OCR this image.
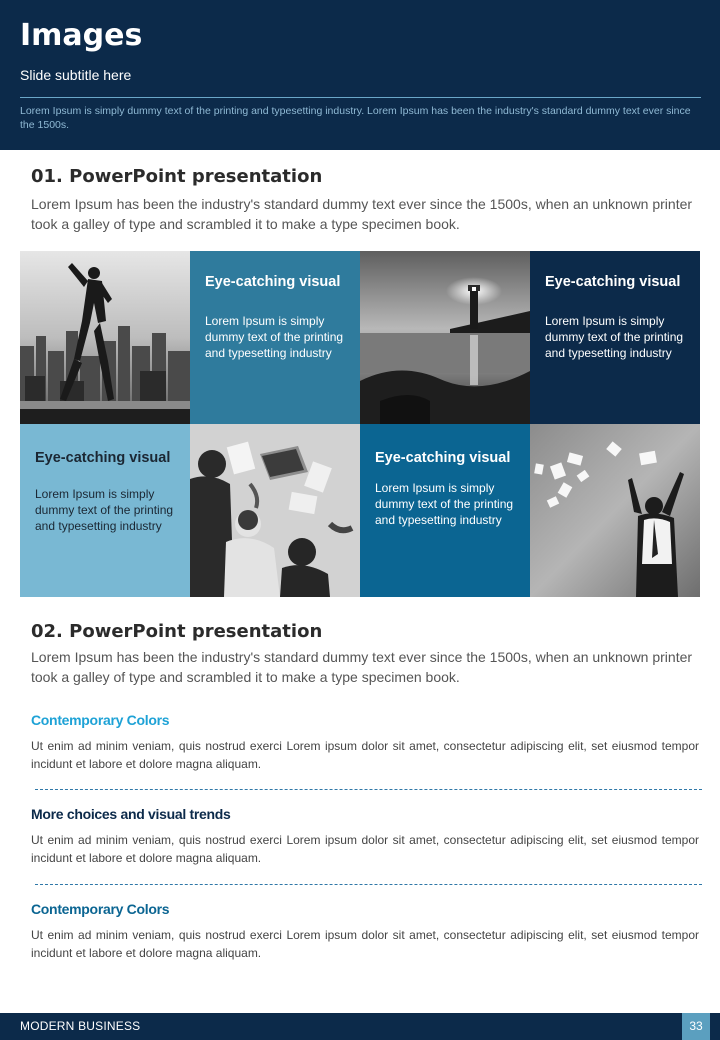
Images
Slide subtitle here
Lorem Ipsum is simply dummy text of the printing and typesetting industry. Lorem Ipsum has been the industry's standard dummy text ever since the 1500s.
01. PowerPoint presentation
Lorem Ipsum has been the industry's standard dummy text ever since the 1500s, when an unknown printer took a galley of type and scrambled it to make a type specimen book.
Eye-catching visual
Lorem Ipsum is simply dummy text of the printing and typesetting industry
Eye-catching visual
Lorem Ipsum is simply dummy text of the printing and typesetting industry
Eye-catching visual
Lorem Ipsum is simply dummy text of the printing and typesetting industry
Eye-catching visual
Lorem Ipsum is simply dummy text of the printing and typesetting industry
02. PowerPoint presentation
Lorem Ipsum has been the industry's standard dummy text ever since the 1500s, when an unknown printer took a galley of type and scrambled it to make a type specimen book.
Contemporary Colors
Ut enim ad minim veniam, quis nostrud exerci Lorem ipsum dolor sit amet, consectetur adipiscing elit, set eiusmod tempor incidunt et labore et dolore magna aliquam.
More choices and visual trends
Ut enim ad minim veniam, quis nostrud exerci Lorem ipsum dolor sit amet, consectetur adipiscing elit, set eiusmod tempor incidunt et labore et dolore magna aliquam.
Contemporary Colors
Ut enim ad minim veniam, quis nostrud exerci Lorem ipsum dolor sit amet, consectetur adipiscing elit, set eiusmod tempor incidunt et labore et dolore magna aliquam.
MODERN BUSINESS	33
